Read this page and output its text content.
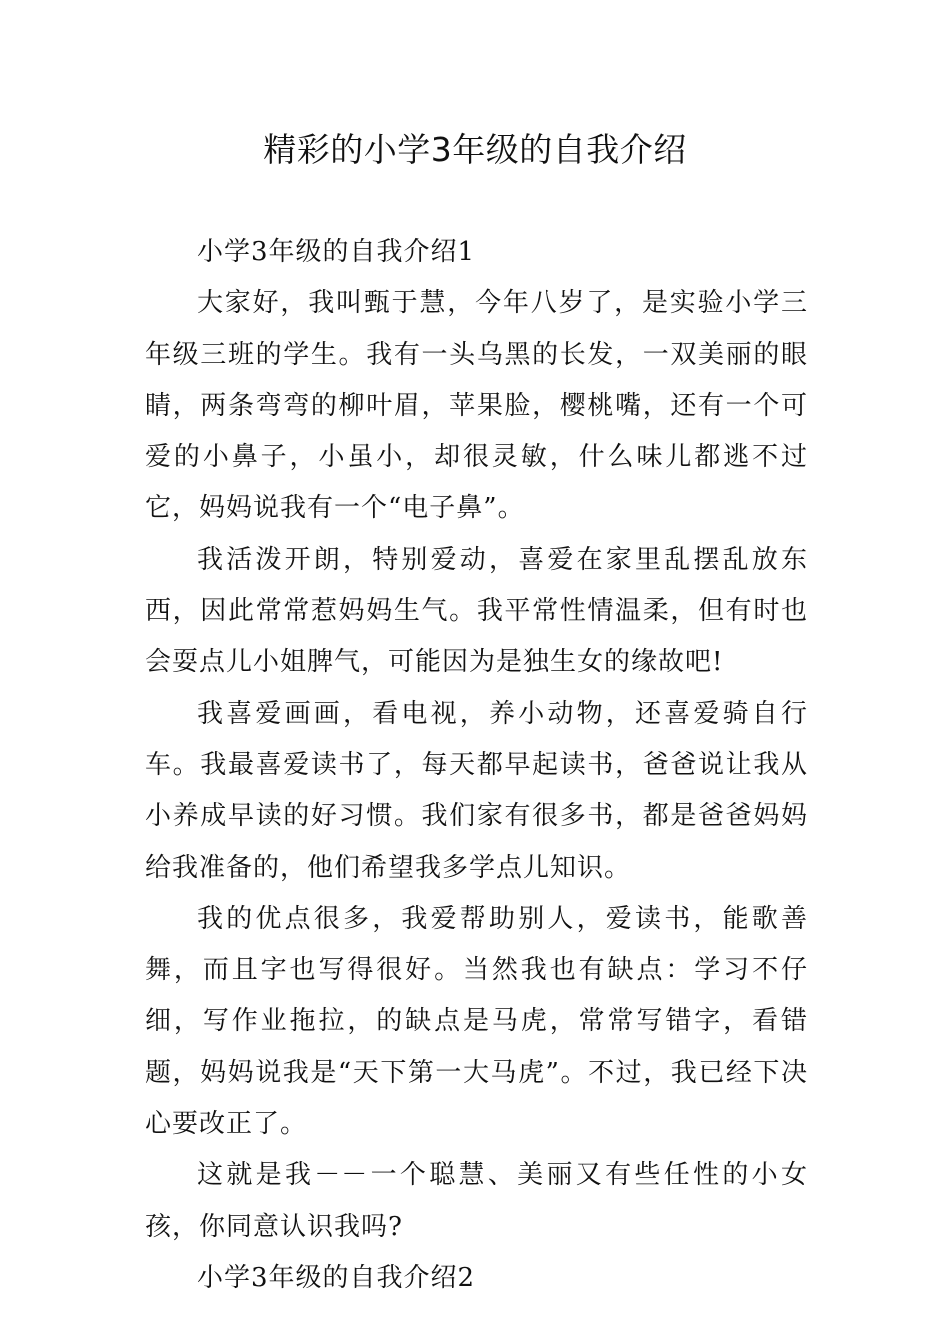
精彩的小学3年级的自我介绍

小学3年级的自我介绍1

大家好，我叫甄于慧，今年八岁了，是实验小学三年级三班的学生。我有一头乌黑的长发，一双美丽的眼睛，两条弯弯的柳叶眉，苹果脸，樱桃嘴，还有一个可爱的小鼻子，小虽小，却很灵敏，什么味儿都逃不过它，妈妈说我有一个“电子鼻”。

我活泼开朗，特别爱动，喜爱在家里乱摆乱放东西，因此常常惹妈妈生气。我平常性情温柔，但有时也会耍点儿小姐脾气，可能因为是独生女的缘故吧!

我喜爱画画，看电视，养小动物，还喜爱骑自行车。我最喜爱读书了，每天都早起读书，爸爸说让我从小养成早读的好习惯。我们家有很多书，都是爸爸妈妈给我准备的，他们希望我多学点儿知识。

我的优点很多，我爱帮助别人，爱读书，能歌善舞，而且字也写得很好。当然我也有缺点：学习不仔细，写作业拖拉，的缺点是马虎，常常写错字，看错题，妈妈说我是“天下第一大马虎”。不过，我已经下决心要改正了。

这就是我－－一个聪慧、美丽又有些任性的小女孩，你同意认识我吗?

小学3年级的自我介绍2
